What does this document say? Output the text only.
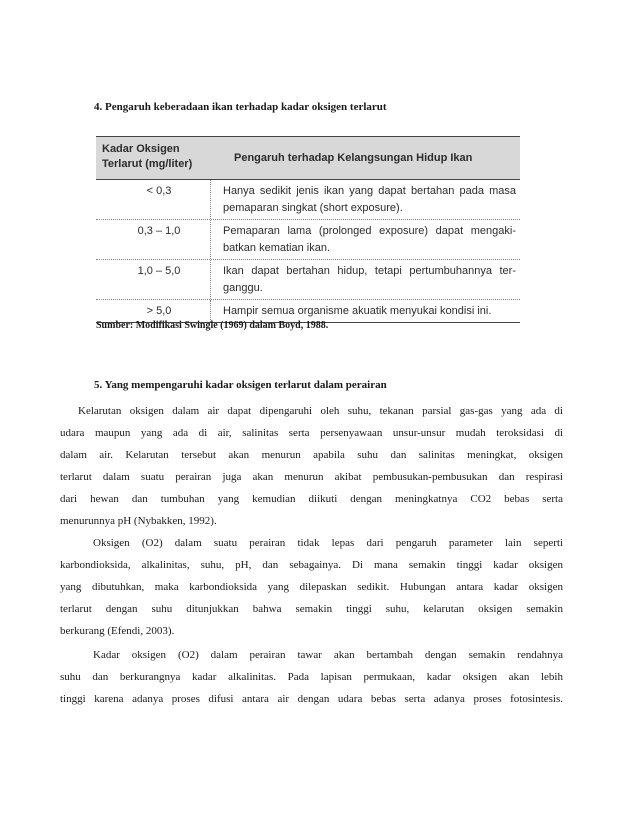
4. Pengaruh keberadaan ikan terhadap kadar oksigen terlarut
Kadar Oksigen
Terlarut (mg/liter)	Pengaruh terhadap Kelangsungan Hidup Ikan
< 0,3	Hanya sedikit jenis ikan yang dapat bertahan pada masa pemaparan singkat (short exposure).
0,3 – 1,0	Pemaparan lama (prolonged exposure) dapat mengaki-batkan kematian ikan.
1,0 – 5,0	Ikan dapat bertahan hidup, tetapi pertumbuhannya ter-ganggu.
> 5,0	Hampir semua organisme akuatik menyukai kondisi ini.
Sumber: Modifikasi Swingle (1969) dalam Boyd, 1988.
5. Yang mempengaruhi kadar oksigen terlarut dalam perairan
Kelarutan oksigen dalam air dapat dipengaruhi oleh suhu, tekanan parsial gas-gas yang ada di
udara maupun yang ada di air, salinitas serta persenyawaan unsur-unsur mudah teroksidasi di
dalam air. Kelarutan tersebut akan menurun apabila suhu dan salinitas meningkat, oksigen
terlarut dalam suatu perairan juga akan menurun akibat pembusukan-pembusukan dan respirasi
dari hewan dan tumbuhan yang kemudian diikuti dengan meningkatnya CO2 bebas serta
menurunnya pH (Nybakken, 1992).
Oksigen (O2) dalam suatu perairan tidak lepas dari pengaruh parameter lain seperti
karbondioksida, alkalinitas, suhu, pH, dan sebagainya. Di mana semakin tinggi kadar oksigen
yang dibutuhkan, maka karbondioksida yang dilepaskan sedikit. Hubungan antara kadar oksigen
terlarut dengan suhu ditunjukkan bahwa semakin tinggi suhu, kelarutan oksigen semakin
berkurang (Efendi, 2003).
Kadar oksigen (O2) dalam perairan tawar akan bertambah dengan semakin rendahnya
suhu dan berkurangnya kadar alkalinitas. Pada lapisan permukaan, kadar oksigen akan lebih
tinggi karena adanya proses difusi antara air dengan udara bebas serta adanya proses fotosintesis.
